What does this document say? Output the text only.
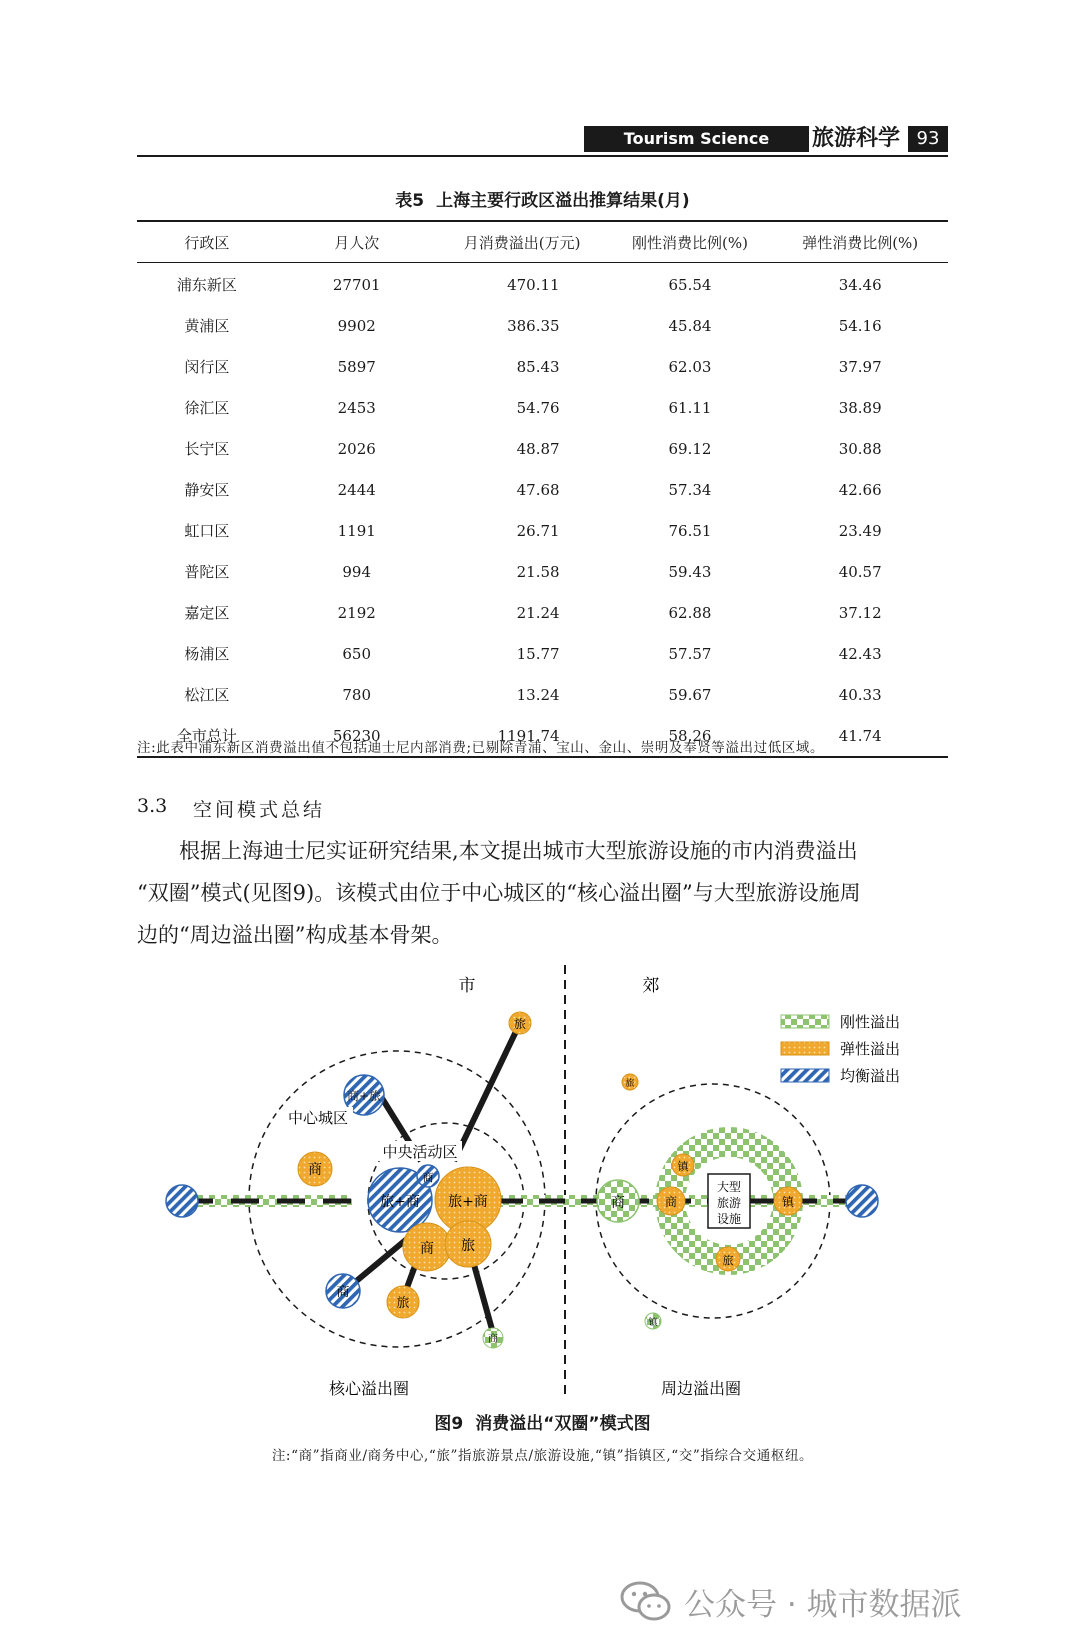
Tourism Science	旅游科学 93
表5 上海主要行政区溢出推算结果(月)
行政区	月人次	月消费溢出(万元)	刚性消费比例(%)	弹性消费比例(%)
浦东新区	27701	470.11	65.54	34.46
黄浦区	9902	386.35	45.84	54.16
闵行区	5897	85.43	62.03	37.97
徐汇区	2453	54.76	61.11	38.89
长宁区	2026	48.87	69.12	30.88
静安区	2444	47.68	57.34	42.66
虹口区	1191	26.71	76.51	23.49
普陀区	994	21.58	59.43	40.57
嘉定区	2192	21.24	62.88	37.12
杨浦区	650	15.77	57.57	42.43
松江区	780	13.24	59.67	40.33
全市总计	56230	1191.74	58.26	41.74
注:此表中浦东新区消费溢出值不包括迪士尼内部消费;已剔除青浦、宝山、金山、崇明及奉贤等溢出过低区域。
3.3 空间模式总结
根据上海迪士尼实证研究结果,本文提出城市大型旅游设施的市内消费溢出
“双圈”模式(见图9)。该模式由位于中心城区的“核心溢出圈”与大型旅游设施周
边的“周边溢出圈”构成基本骨架。
市	郊
旅
商+旅
商
旅+商
商
旅+商
商 旅
商
旅
商
旅
镇
商	商
镇
镇
旅
大型
旅游
设施
中心城区
中央活动区
核心溢出圈	周边溢出圈
刚性溢出
弹性溢出
均衡溢出
图9 消费溢出“双圈”模式图
注:“商”指商业/商务中心,“旅”指旅游景点/旅游设施,“镇”指镇区,“交”指综合交通枢纽。
公众号 · 城市数据派
